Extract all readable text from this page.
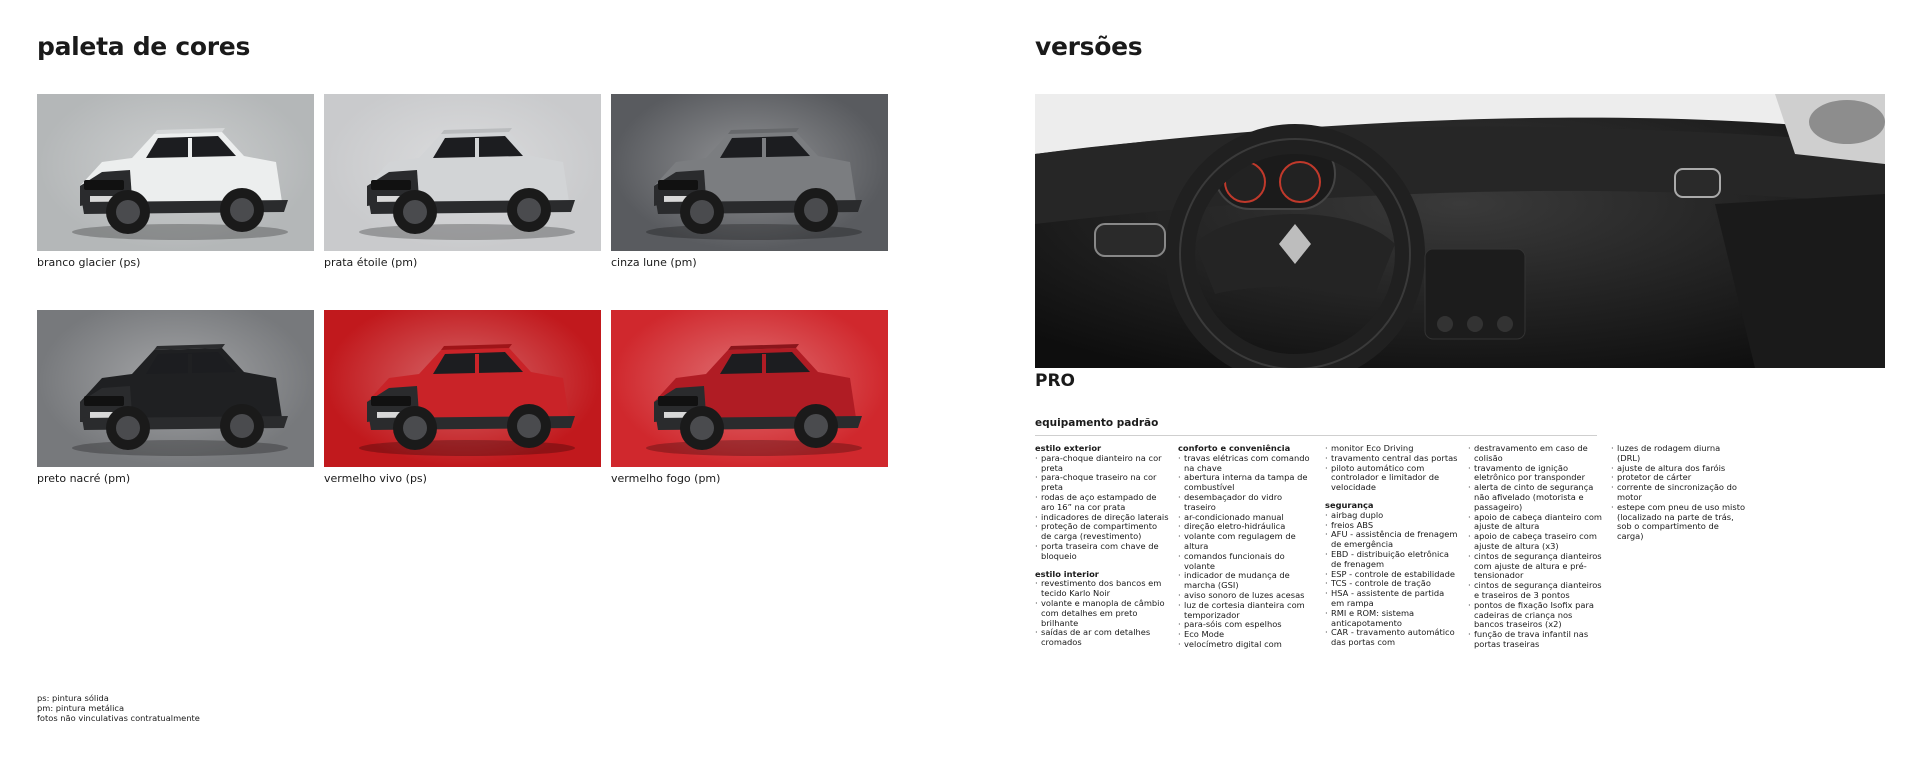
paleta de cores
branco glacier (ps)	prata étoile (pm)	cinza lune (pm)
preto nacré (pm)	vermelho vivo (ps)	vermelho fogo (pm)
versões
PRO
equipamento padrão
estilo exterior
· para-choque dianteiro na cor preta
· para-choque traseiro na cor preta
· rodas de aço estampado de aro 16” na cor prata
· indicadores de direção laterais
· proteção de compartimento de carga (revestimento)
· porta traseira com chave de bloqueio
estilo interior
· revestimento dos bancos em tecido Karlo Noir
· volante e manopla de câmbio com detalhes em preto brilhante
· saídas de ar com detalhes cromados
conforto e conveniência
· travas elétricas com comando na chave
· abertura interna da tampa de combustível
· desembaçador do vidro traseiro
· ar-condicionado manual
· direção eletro-hidráulica
· volante com regulagem de altura
· comandos funcionais do volante
· indicador de mudança de marcha (GSI)
· aviso sonoro de luzes acesas
· luz de cortesia dianteira com temporizador
· para-sóis com espelhos
· Eco Mode
· velocímetro digital com
· monitor Eco Driving
· travamento central das portas
· piloto automático com controlador e limitador de velocidade
segurança
· airbag duplo
· freios ABS
· AFU - assistência de frenagem de emergência
· EBD - distribuição eletrônica de frenagem
· ESP - controle de estabilidade
· TCS - controle de tração
· HSA - assistente de partida em rampa
· RMI e ROM: sistema anticapotamento
· CAR - travamento automático das portas com
· destravamento em caso de colisão
· travamento de ignição eletrônico por transponder
· alerta de cinto de segurança não afivelado (motorista e passageiro)
· apoio de cabeça dianteiro com ajuste de altura
· apoio de cabeça traseiro com ajuste de altura (x3)
· cintos de segurança dianteiros com ajuste de altura e pré-tensionador
· cintos de segurança dianteiros e traseiros de 3 pontos
· pontos de fixação Isofix para cadeiras de criança nos bancos traseiros (x2)
· função de trava infantil nas portas traseiras
· luzes de rodagem diurna (DRL)
· ajuste de altura dos faróis
· protetor de cárter
· corrente de sincronização do motor
· estepe com pneu de uso misto (localizado na parte de trás, sob o compartimento de carga)
ps: pintura sólida
pm: pintura metálica
fotos não vinculativas contratualmente
